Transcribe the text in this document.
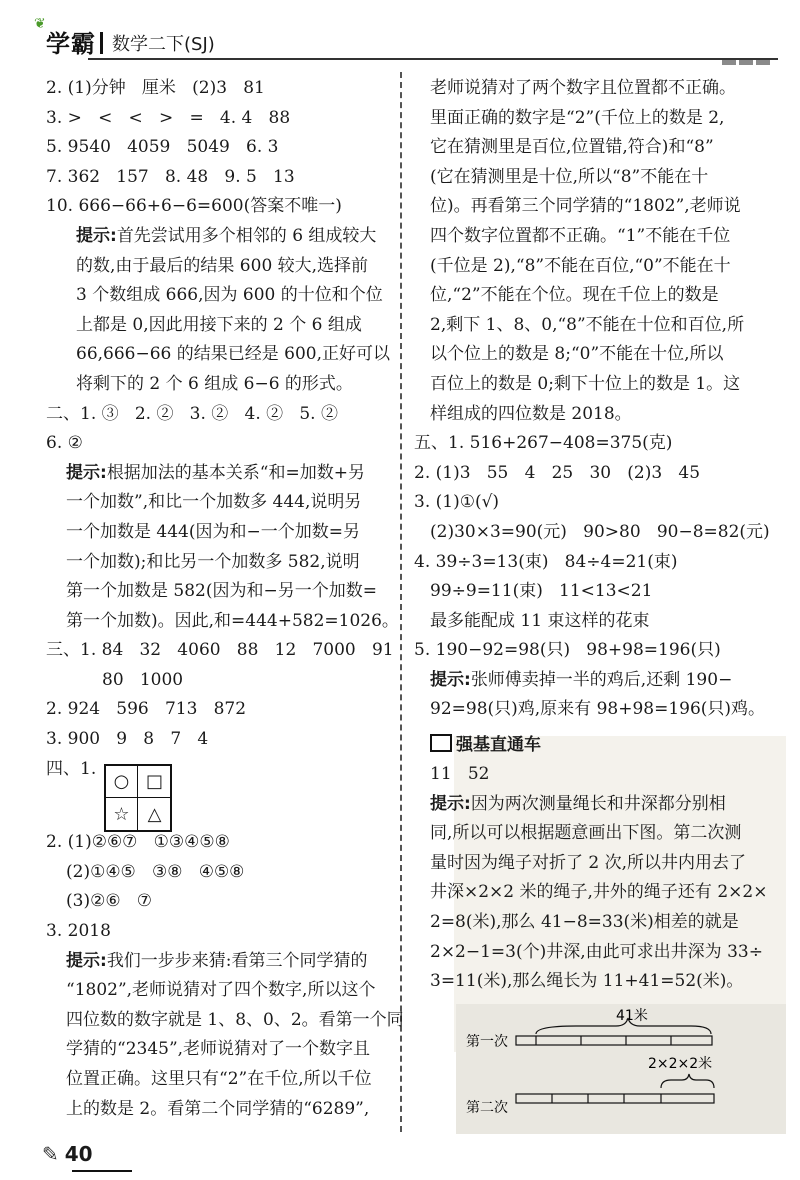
❦
学霸 数学二下(SJ)
2. (1)分钟   厘米   (2)3   81
3. >   <   <   >   =   4. 4   88
5. 9540   4059   5049   6. 3
7. 362   157   8. 48   9. 5   13
10. 666−66+6−6=600(答案不唯一)
提示:首先尝试用多个相邻的 6 组成较大
的数,由于最后的结果 600 较大,选择前
3 个数组成 666,因为 600 的十位和个位
上都是 0,因此用接下来的 2 个 6 组成
66,666−66 的结果已经是 600,正好可以
将剩下的 2 个 6 组成 6−6 的形式。
二、1. ③   2. ②   3. ②   4. ②   5. ②
6. ②
提示:根据加法的基本关系“和=加数+另
一个加数”,和比一个加数多 444,说明另
一个加数是 444(因为和−一个加数=另
一个加数);和比另一个加数多 582,说明
第一个加数是 582(因为和−另一个加数=
第一个加数)。因此,和=444+582=1026。
三、1. 84   32   4060   88   12   7000   91
80   1000
2. 924   596   713   872
3. 900   9   8   7   4
四、1.
2. (1)②⑥⑦   ①③④⑤⑧
(2)①④⑤   ③⑧   ④⑤⑧
(3)②⑥   ⑦
3. 2018
提示:我们一步步来猜:看第三个同学猜的
“1802”,老师说猜对了四个数字,所以这个
四位数的数字就是 1、8、0、2。看第一个同
学猜的“2345”,老师说猜对了一个数字且
位置正确。这里只有“2”在千位,所以千位
上的数是 2。看第二个同学猜的“6289”,
○ □
☆	△
老师说猜对了两个数字且位置都不正确。
里面正确的数字是“2”(千位上的数是 2,
它在猜测里是百位,位置错,符合)和“8”
(它在猜测里是十位,所以“8”不能在十
位)。再看第三个同学猜的“1802”,老师说
四个数字位置都不正确。“1”不能在千位
(千位是 2),“8”不能在百位,“0”不能在十
位,“2”不能在个位。现在千位上的数是
2,剩下 1、8、0,“8”不能在十位和百位,所
以个位上的数是 8;“0”不能在十位,所以
百位上的数是 0;剩下十位上的数是 1。这
样组成的四位数是 2018。
五、1. 516+267−408=375(克)
2. (1)3   55   4   25   30   (2)3   45
3. (1)①(√)
(2)30×3=90(元)   90>80   90−8=82(元)
4. 39÷3=13(束)   84÷4=21(束)
99÷9=11(束)   11<13<21
最多能配成 11 束这样的花束
5. 190−92=98(只)   98+98=196(只)
提示:张师傅卖掉一半的鸡后,还剩 190−
92=98(只)鸡,原来有 98+98=196(只)鸡。
强基直通车
11   52
提示:因为两次测量绳长和井深都分别相
同,所以可以根据题意画出下图。第二次测
量时因为绳子对折了 2 次,所以井内用去了
井深×2×2 米的绳子,井外的绳子还有 2×2×
2=8(米),那么 41−8=33(米)相差的就是
2×2−1=3(个)井深,由此可求出井深为 33÷
3=11(米),那么绳长为 11+41=52(米)。
41米
第一次
2×2×2米
第二次
✎ 40
